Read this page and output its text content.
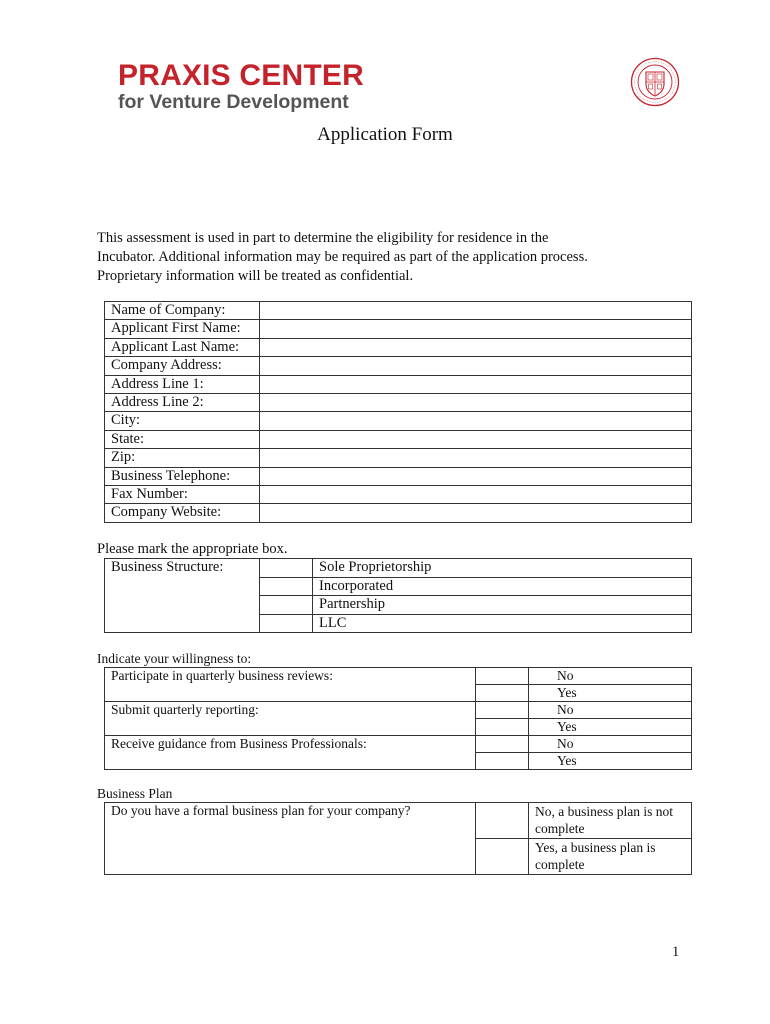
PRAXIS CENTER
for Venture Development
Application Form
This assessment is used in part to determine the eligibility for residence in the
Incubator. Additional information may be required as part of the application process.
Proprietary information will be treated as confidential.
Name of Company:	
Applicant First Name:	
Applicant Last Name:	
Company Address:	
Address Line 1:	
Address Line 2:	
City:	
State:	
Zip:	
Business Telephone:	
Fax Number:	
Company Website:	
Please mark the appropriate box.
Business Structure:		Sole Proprietorship
		Incorporated
		Partnership
		LLC
Indicate your willingness to:
Participate in quarterly business reviews:		No
		Yes
Submit quarterly reporting:		No
		Yes
Receive guidance from Business Professionals:		No
		Yes
Business Plan
Do you have a formal business plan for your company?		No, a business plan is not complete
		Yes, a business plan is complete
1
